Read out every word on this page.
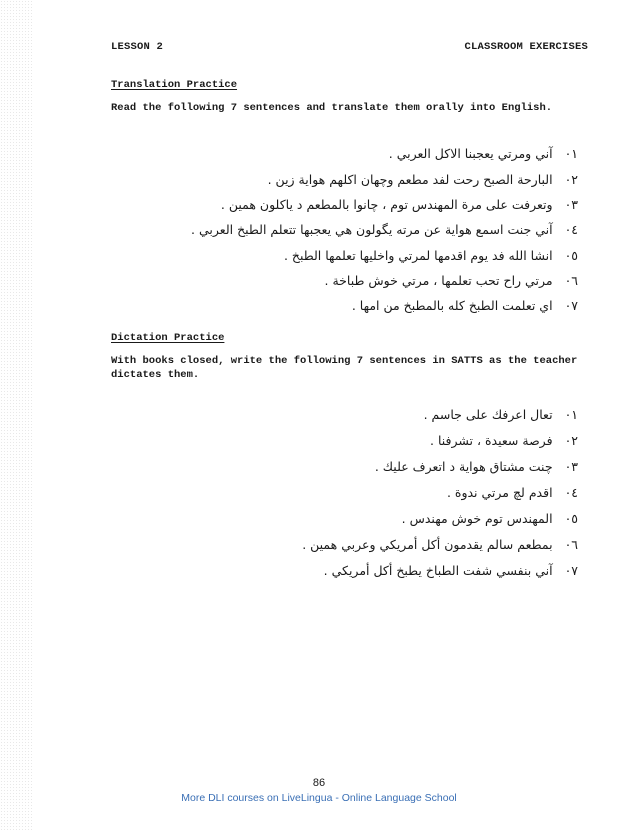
LESSON 2	CLASSROOM EXERCISES
Translation Practice
Read the following 7 sentences and translate them orally into English.
٠١آني ومرتي يعجبنا الاكل العربي .
٠٢البارحة الصبح رحت لفد مطعم وچهان اكلهم هواية زين .
٠٣وتعرفت على مرة المهندس توم ، چانوا بالمطعم د ياكلون همين .
٠٤آني جنت اسمع هواية عن مرته يگولون هي يعجبها تتعلم الطبخ العربي .
٠٥انشا الله فد يوم اقدمها لمرتي واخليها تعلمها الطبخ .
٠٦مرتي راح تحب تعلمها ، مرتي خوش طباخة .
٠٧اي تعلمت الطبخ كله بالمطبخ من امها .
Dictation Practice
With books closed, write the following 7 sentences in SATTS as the teacher dictates them.
٠١تعال اعرفك على جاسم .
٠٢فرصة سعيدة ، تشرفنا .
٠٣چنت مشتاق هواية د اتعرف عليك .
٠٤اقدم لچ مرتي ندوة .
٠٥المهندس توم خوش مهندس .
٠٦بمطعم سالم يقدمون أكل أمريكي وعربي همين .
٠٧آني بنفسي شفت الطباخ يطبخ أكل أمريكي .
86
More DLI courses on LiveLingua - Online Language School
